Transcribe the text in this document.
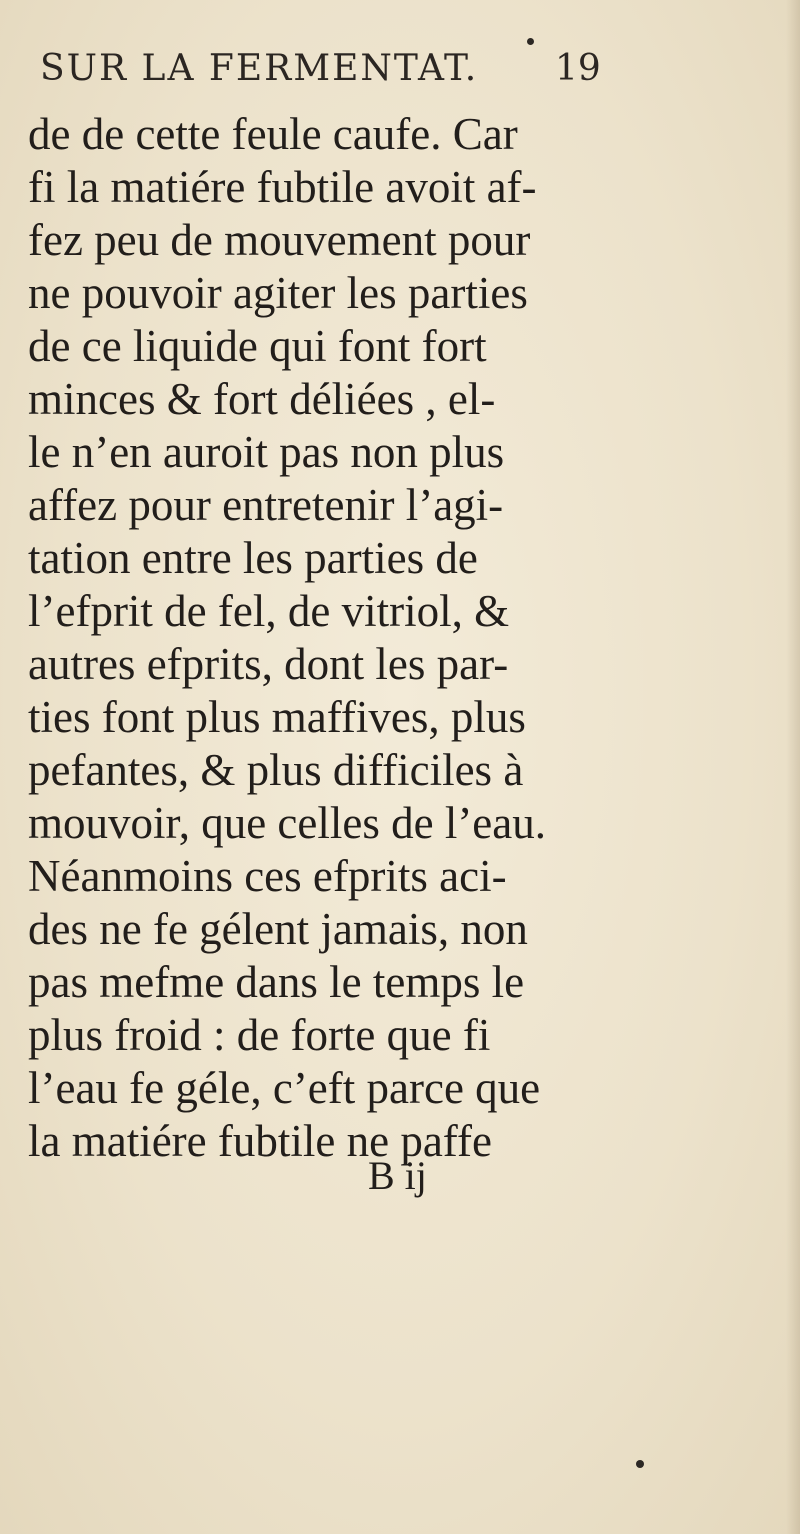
SUR LA FERMENTAT. 19
de de cette feule caufe. Car
fi la matiére fubtile avoit af-
fez peu de mouvement pour
ne pouvoir agiter les parties
de ce liquide qui font fort
minces & fort déliées , el-
le n’en auroit pas non plus
affez pour entretenir l’agi-
tation entre les parties de
l’efprit de fel, de vitriol, &
autres efprits, dont les par-
ties font plus maffives, plus
pefantes, & plus difficiles à
mouvoir, que celles de l’eau.
Néanmoins ces efprits aci-
des ne fe gélent jamais, non
pas mefme dans le temps le
plus froid : de forte que fi
l’eau fe géle, c’eft parce que
la matiére fubtile ne paffe
B ij
